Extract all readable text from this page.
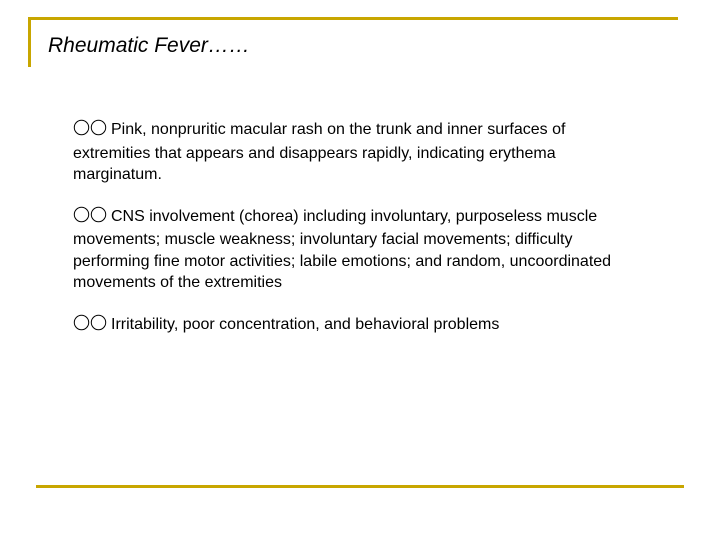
Rheumatic Fever……
Pink, nonpruritic macular rash on the trunk and inner surfaces of extremities that appears and disappears rapidly, indicating erythema marginatum.
CNS involvement (chorea) including involuntary, purposeless muscle movements; muscle weakness; involuntary facial movements; difficulty performing fine motor activities; labile emotions; and random, uncoordinated movements of the extremities
Irritability, poor concentration, and behavioral problems
